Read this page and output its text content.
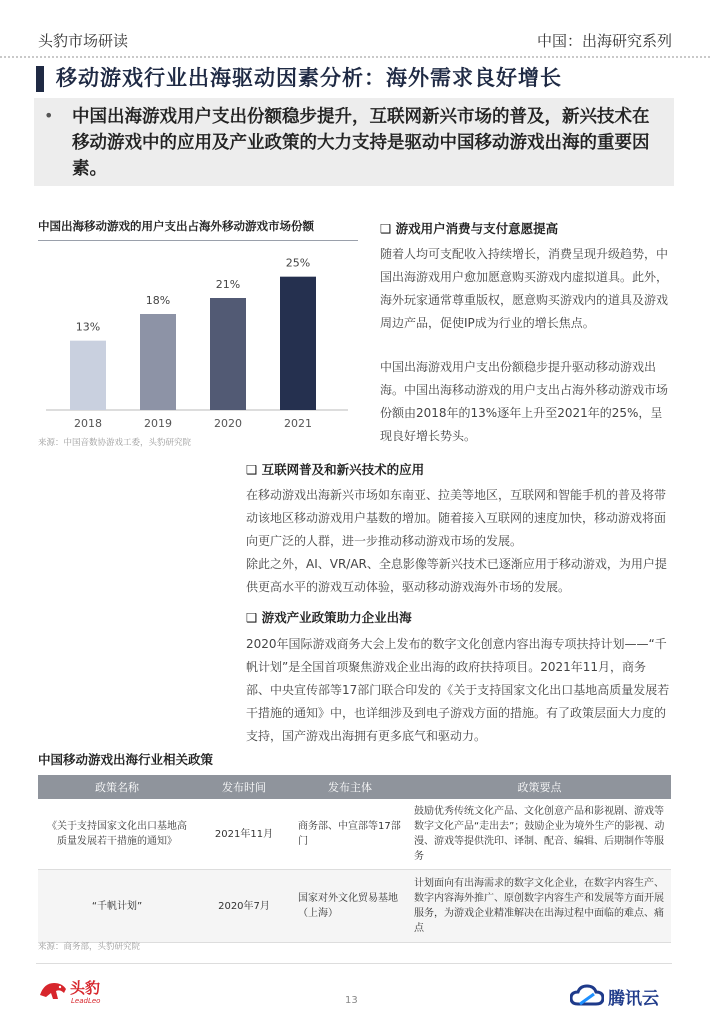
头豹市场研读	中国：出海研究系列
移动游戏行业出海驱动因素分析：海外需求良好增长
• 中国出海游戏用户支出份额稳步提升，互联网新兴市场的普及，新兴技术在移动游戏中的应用及产业政策的大力支持是驱动中国移动游戏出海的重要因素。
中国出海移动游戏的用户支出占海外移动游戏市场份额
13%
2018
18%
2019
21%
2020
25%
2021
来源：中国音数协游戏工委，头豹研究院
❑ 游戏用户消费与支付意愿提高
随着人均可支配收入持续增长，消费呈现升级趋势，中国出海游戏用户愈加愿意购买游戏内虚拟道具。此外，海外玩家通常尊重版权，愿意购买游戏内的道具及游戏周边产品，促使IP成为行业的增长焦点。
中国出海游戏用户支出份额稳步提升驱动移动游戏出海。中国出海移动游戏的用户支出占海外移动游戏市场份额由2018年的13%逐年上升至2021年的25%，呈现良好增长势头。
❑ 互联网普及和新兴技术的应用
在移动游戏出海新兴市场如东南亚、拉美等地区，互联网和智能手机的普及将带动该地区移动游戏用户基数的增加。随着接入互联网的速度加快，移动游戏将面向更广泛的人群，进一步推动移动游戏市场的发展。
除此之外，AI、VR/AR、全息影像等新兴技术已逐渐应用于移动游戏，为用户提供更高水平的游戏互动体验，驱动移动游戏海外市场的发展。
❑ 游戏产业政策助力企业出海
2020年国际游戏商务大会上发布的数字文化创意内容出海专项扶持计划——“千帆计划”是全国首项聚焦游戏企业出海的政府扶持项目。2021年11月，商务部、中央宣传部等17部门联合印发的《关于支持国家文化出口基地高质量发展若干措施的通知》中，也详细涉及到电子游戏方面的措施。有了政策层面大力度的支持，国产游戏出海拥有更多底气和驱动力。
中国移动游戏出海行业相关政策
政策名称	发布时间	发布主体	政策要点
《关于支持国家文化出口基地高质量发展若干措施的通知》	2021年11月	商务部、中宣部等17部门	鼓励优秀传统文化产品、文化创意产品和影视剧、游戏等数字文化产品“走出去”；鼓励企业为境外生产的影视、动漫、游戏等提供洗印、译制、配音、编辑、后期制作等服务
“千帆计划”	2020年7月	国家对外文化贸易基地（上海）	计划面向有出海需求的数字文化企业，在数字内容生产、数字内容海外推广、原创数字内容生产和发展等方面开展服务，为游戏企业精准解决在出海过程中面临的难点、痛点
来源：商务部，头豹研究院
头豹
LeadLeo	13	腾讯云
